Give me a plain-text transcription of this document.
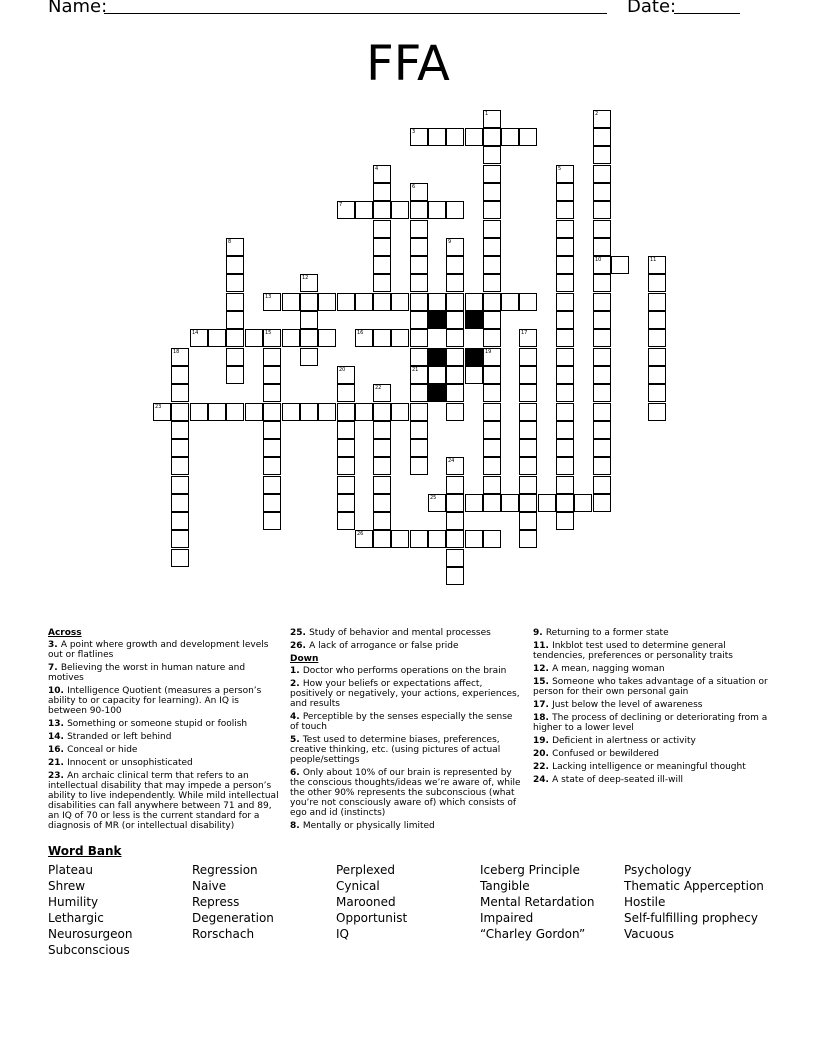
Name:	Date:
FFA
1	2
3
5
4
6
7
8	9
10	11
12
13
14	15	16	17
18	19
20	21
22
23
24
25
26
Across
3. A point where growth and development levels out or flatlines
7. Believing the worst in human nature and motives
10. Intelligence Quotient (measures a person’s ability to or capacity for learning). An IQ is between 90-100
13. Something or someone stupid or foolish
14. Stranded or left behind
16. Conceal or hide
21. Innocent or unsophisticated
23. An archaic clinical term that refers to an intellectual disability that may impede a person’s ability to live independently. While mild intellectual disabilities can fall anywhere between 71 and 89, an IQ of 70 or less is the current standard for a diagnosis of MR (or intellectual disability)
25. Study of behavior and mental processes
26. A lack of arrogance or false pride
Down
1. Doctor who performs operations on the brain
2. How your beliefs or expectations affect, positively or negatively, your actions, experiences, and results
4. Perceptible by the senses especially the sense of touch
5. Test used to determine biases, preferences, creative thinking, etc. (using pictures of actual people/settings
6. Only about 10% of our brain is represented by the conscious thoughts/ideas we’re aware of, while the other 90% represents the subconscious (what you’re not consciously aware of) which consists of ego and id (instincts)
8. Mentally or physically limited
9. Returning to a former state
11. Inkblot test used to determine general tendencies, preferences or personality traits
12. A mean, nagging woman
15. Someone who takes advantage of a situation or person for their own personal gain
17. Just below the level of awareness
18. The process of declining or deteriorating from a higher to a lower level
19. Deficient in alertness or activity
20. Confused or bewildered
22. Lacking intelligence or meaningful thought
24. A state of deep-seated ill-will
Word Bank
Plateau
Shrew
Humility
Lethargic
Neurosurgeon
Subconscious
Regression
Naive
Repress
Degeneration
Rorschach
Perplexed
Cynical
Marooned
Opportunist
IQ
Iceberg Principle
Tangible
Mental Retardation
Impaired
“Charley Gordon”
Psychology
Thematic Apperception
Hostile
Self-fulfilling prophecy
Vacuous
